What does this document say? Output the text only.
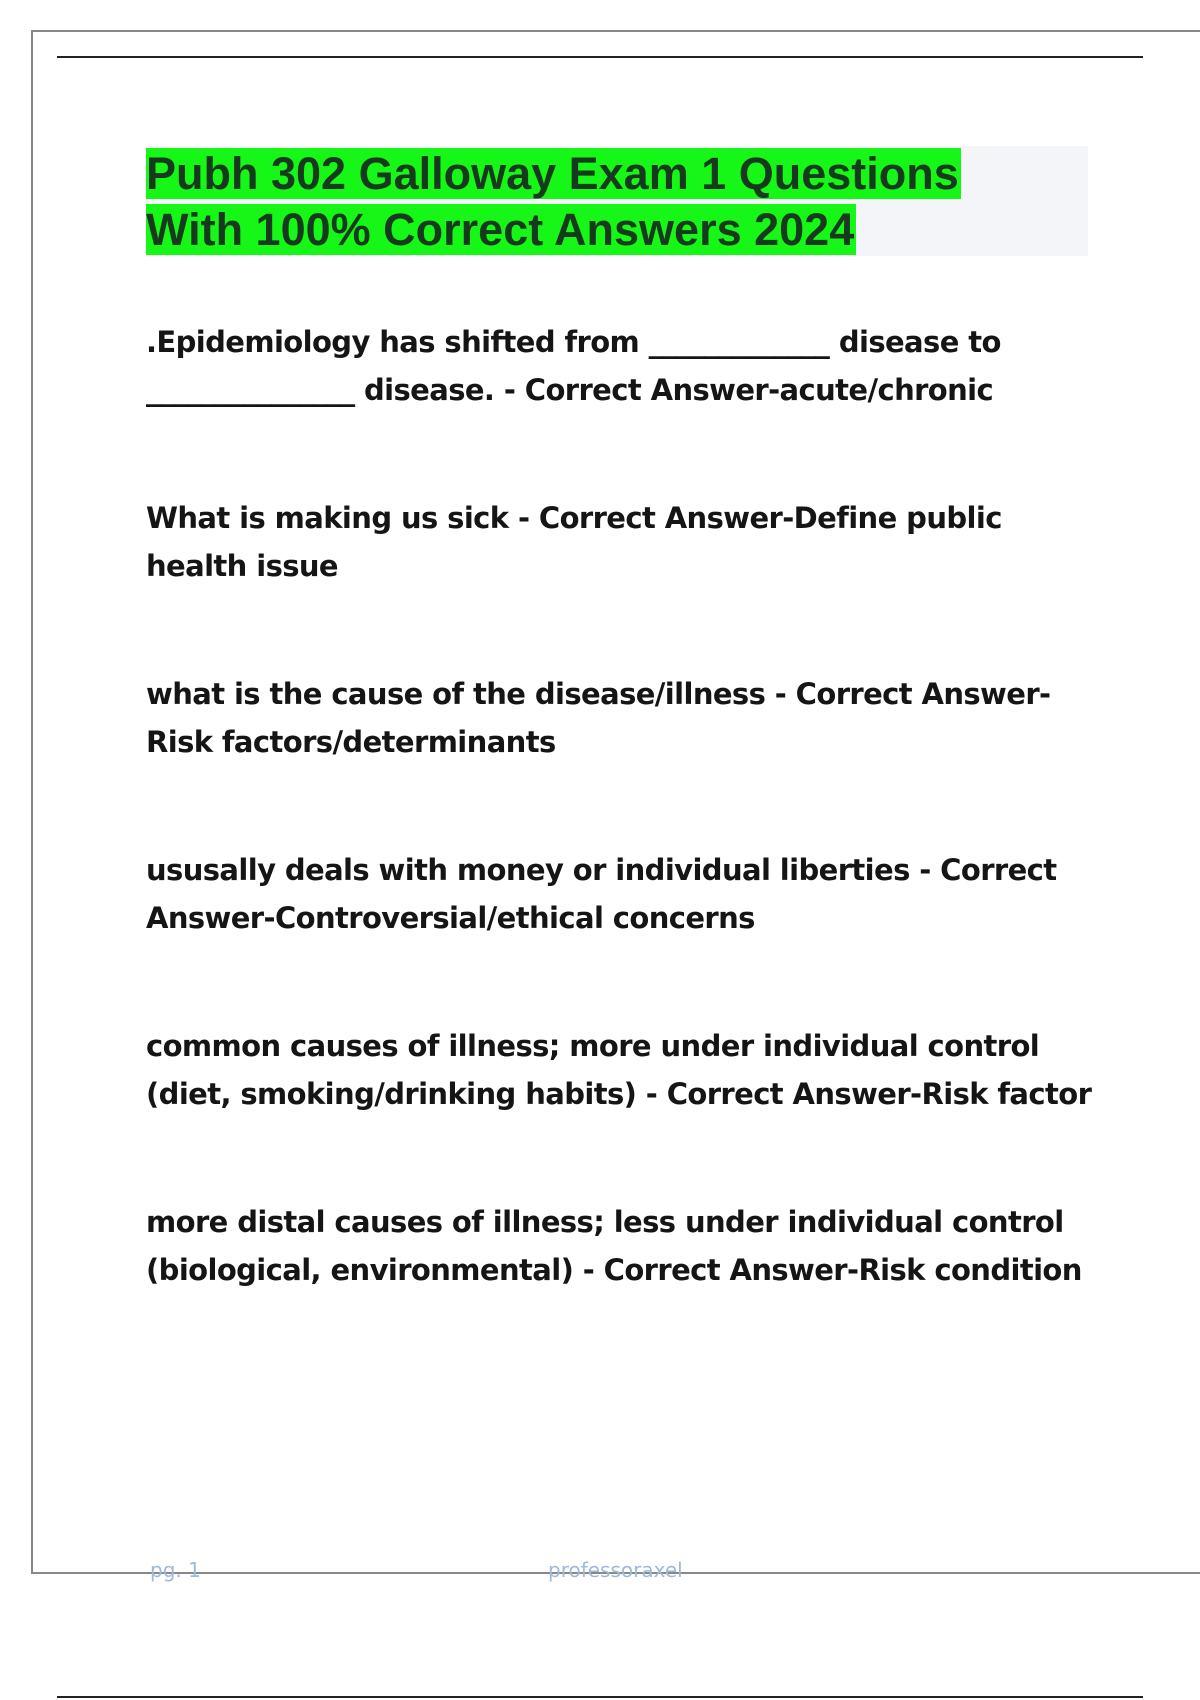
Pubh 302 Galloway Exam 1 Questions
With 100% Correct Answers 2024

.Epidemiology has shifted from _____________ disease to _______________ disease. - Correct Answer-acute/chronic

What is making us sick - Correct Answer-Define public health issue

what is the cause of the disease/illness - Correct Answer-Risk factors/determinants

ususally deals with money or individual liberties - Correct Answer-Controversial/ethical concerns

common causes of illness; more under individual control (diet, smoking/drinking habits) - Correct Answer-Risk factor

more distal causes of illness; less under individual control (biological, environmental) - Correct Answer-Risk condition

pg. 1	professoraxel
